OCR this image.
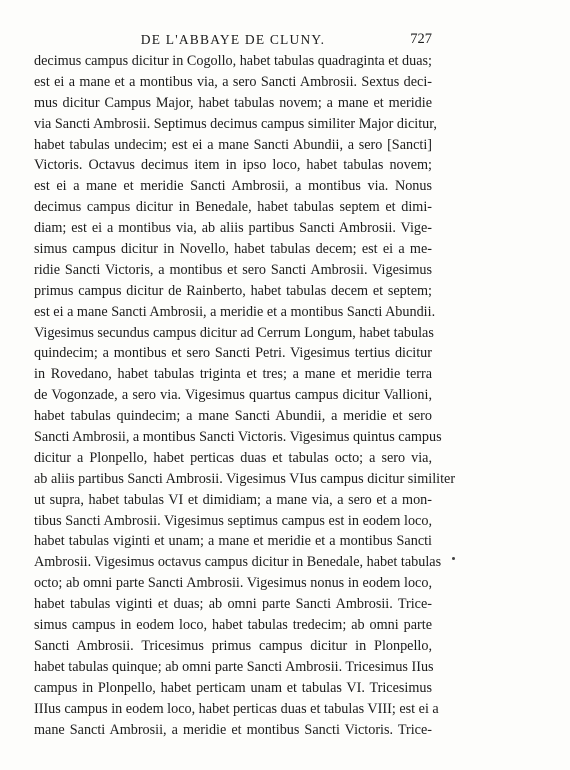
DE L'ABBAYE DE CLUNY.	727
decimus campus dicitur in Cogollo, habet tabulas quadraginta et duas;
est ei a mane et a montibus via, a sero Sancti Ambrosii. Sextus deci-
mus dicitur Campus Major, habet tabulas novem; a mane et meridie
via Sancti Ambrosii. Septimus decimus campus similiter Major dicitur,
habet tabulas undecim; est ei a mane Sancti Abundii, a sero [Sancti]
Victoris. Octavus decimus item in ipso loco, habet tabulas novem;
est ei a mane et meridie Sancti Ambrosii, a montibus via. Nonus
decimus campus dicitur in Benedale, habet tabulas septem et dimi-
diam; est ei a montibus via, ab aliis partibus Sancti Ambrosii. Vige-
simus campus dicitur in Novello, habet tabulas decem; est ei a me-
ridie Sancti Victoris, a montibus et sero Sancti Ambrosii. Vigesimus
primus campus dicitur de Rainberto, habet tabulas decem et septem;
est ei a mane Sancti Ambrosii, a meridie et a montibus Sancti Abundii.
Vigesimus secundus campus dicitur ad Cerrum Longum, habet tabulas
quindecim; a montibus et sero Sancti Petri. Vigesimus tertius dicitur
in Rovedano, habet tabulas triginta et tres; a mane et meridie terra
de Vogonzade, a sero via. Vigesimus quartus campus dicitur Vallioni,
habet tabulas quindecim; a mane Sancti Abundii, a meridie et sero
Sancti Ambrosii, a montibus Sancti Victoris. Vigesimus quintus campus
dicitur a Plonpello, habet perticas duas et tabulas octo; a sero via,
ab aliis partibus Sancti Ambrosii. Vigesimus VIus campus dicitur similiter
ut supra, habet tabulas VI et dimidiam; a mane via, a sero et a mon-
tibus Sancti Ambrosii. Vigesimus septimus campus est in eodem loco,
habet tabulas viginti et unam; a mane et meridie et a montibus Sancti
Ambrosii. Vigesimus octavus campus dicitur in Benedale, habet tabulas
octo; ab omni parte Sancti Ambrosii. Vigesimus nonus in eodem loco,
habet tabulas viginti et duas; ab omni parte Sancti Ambrosii. Trice-
simus campus in eodem loco, habet tabulas tredecim; ab omni parte
Sancti Ambrosii. Tricesimus primus campus dicitur in Plonpello,
habet tabulas quinque; ab omni parte Sancti Ambrosii. Tricesimus IIus
campus in Plonpello, habet perticam unam et tabulas VI. Tricesimus
IIIus campus in eodem loco, habet perticas duas et tabulas VIII; est ei a
mane Sancti Ambrosii, a meridie et montibus Sancti Victoris. Trice-
